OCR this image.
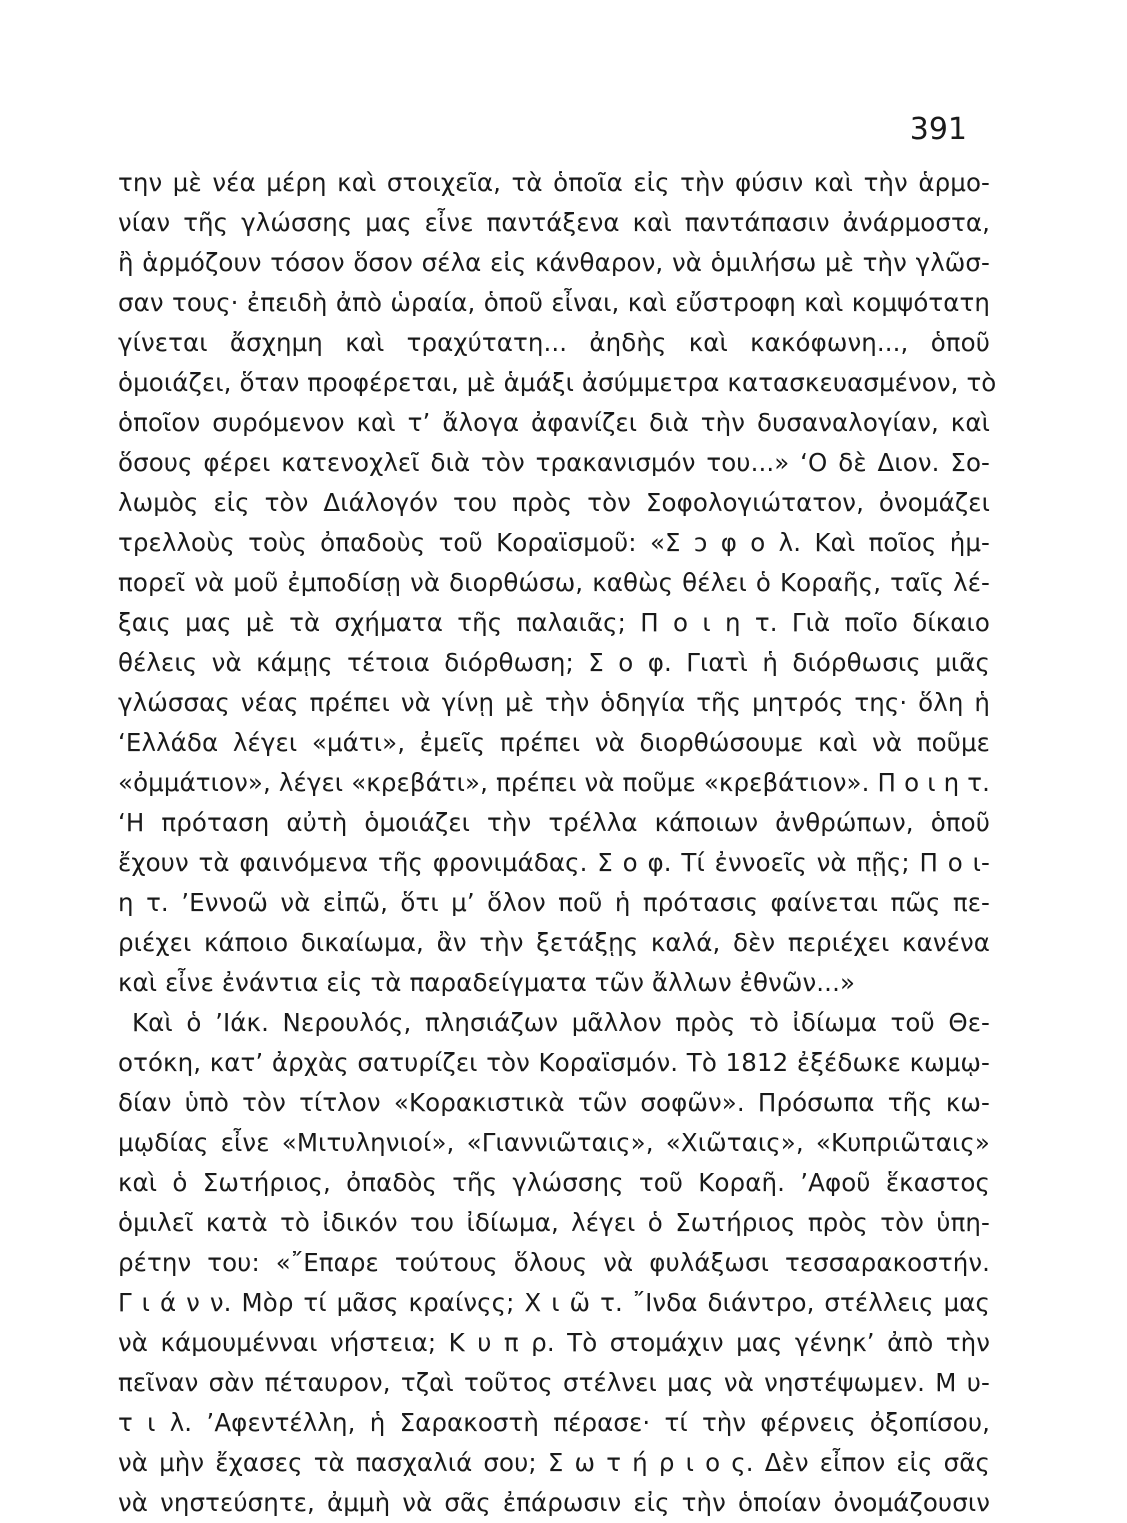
391
την μὲ νέα μέρη καὶ στοιχεῖα, τὰ ὁποῖα εἰς τὴν φύσιν καὶ τὴν ἁρμο-
νίαν τῆς γλώσσης μας εἶνε παντάξενα καὶ παντάπασιν ἀνάρμοστα,
ἢ ἁρμόζουν τόσον ὅσον σέλα εἰς κάνθαρον, νὰ ὁμιλήσω μὲ τὴν γλῶσ-
σαν τους· ἐπειδὴ ἀπὸ ὡραία, ὁποῦ εἶναι, καὶ εὔστροφη καὶ κομψότατη
γίνεται ἄσχημη καὶ τραχύτατη... ἀηδὴς καὶ κακόφωνη..., ὁποῦ
ὁμοιάζει, ὅταν προφέρεται, μὲ ἁμάξι ἀσύμμετρα κατασκευασμένον, τὸ
ὁποῖον συρόμενον καὶ τ’ ἄλογα ἀφανίζει διὰ τὴν δυσαναλογίαν, καὶ
ὅσους φέρει κατενοχλεῖ διὰ τὸν τρακανισμόν του...» ‘Ο δὲ Διον. Σο-
λωμὸς εἰς τὸν Διάλογόν του πρὸς τὸν Σοφολογιώτατον, ὀνομάζει
τρελλοὺς τοὺς ὀπαδοὺς τοῦ Κοραϊσμοῦ: «Σ ͻ φ ο λ. Καὶ ποῖος ἠμ-
πορεῖ νὰ μοῦ ἐμποδίσῃ νὰ διορθώσω, καθὼς θέλει ὁ Κοραῆς, ταῖς λέ-
ξαις μας μὲ τὰ σχήματα τῆς παλαιᾶς; Π ο ι η τ. Γιὰ ποῖο δίκαιο
θέλεις νὰ κάμῃς τέτοια διόρθωση; Σ ο φ. Γιατὶ ἡ διόρθωσις μιᾶς
γλώσσας νέας πρέπει νὰ γίνῃ μὲ τὴν ὁδηγία τῆς μητρός της· ὅλη ἡ
‘Ελλάδα λέγει «μάτι», ἐμεῖς πρέπει νὰ διορθώσουμε καὶ νὰ ποῦμε
«ὀμμάτιον», λέγει «κρεβάτι», πρέπει νὰ ποῦμε «κρεβάτιον». Π ο ι η τ.
‘Η πρόταση αὐτὴ ὁμοιάζει τὴν τρέλλα κάποιων ἀνθρώπων, ὁποῦ
ἔχουν τὰ φαινόμενα τῆς φρονιμάδας. Σ ο φ. Τί ἐννοεῖς νὰ πῇς; Π ο ι-
η τ. ’Εννοῶ νὰ εἰπῶ, ὅτι μ’ ὅλον ποῦ ἡ πρότασις φαίνεται πῶς πε-
ριέχει κάποιο δικαίωμα, ἂν τὴν ξετάξῃς καλά, δὲν περιέχει κανένα
καὶ εἶνε ἐνάντια εἰς τὰ παραδείγματα τῶν ἄλλων ἐθνῶν...»
Καὶ ὁ ’Ιάκ. Νερουλός, πλησιάζων μᾶλλον πρὸς τὸ ἰδίωμα τοῦ Θε-
οτόκη, κατ’ ἀρχὰς σατυρίζει τὸν Κοραϊσμόν. Τὸ 1812 ἐξέδωκε κωμῳ-
δίαν ὑπὸ τὸν τίτλον «Κορακιστικὰ τῶν σοφῶν». Πρόσωπα τῆς κω-
μῳδίας εἶνε «Μιτυληνιοί», «Γιαννιῶταις», «Χιῶταις», «Κυπριῶταις»
καὶ ὁ Σωτήριος, ὀπαδὸς τῆς γλώσσης τοῦ Κοραῆ. ’Αφοῦ ἕκαστος
ὁμιλεῖ κατὰ τὸ ἰδικόν του ἰδίωμα, λέγει ὁ Σωτήριος πρὸς τὸν ὑπη-
ρέτην του: «῎Επαρε τούτους ὅλους νὰ φυλάξωσι τεσσαρακοστήν.
Γ ι ά ν ν. Μὸρ τί μᾶσς κραίνςς; Χ ι ῶ τ. ῎Ινδα διάντρο, στέλλεις μας
νὰ κάμουμένναι νήστεια; Κ υ π ρ. Τὸ στομάχιν μας γένηκ’ ἀπὸ τὴν
πεῖναν σὰν πέταυρον, τζαὶ τοῦτος στέλνει μας νὰ νηστέψωμεν. Μ υ-
τ ι λ. ’Αφεντέλλη, ἡ Σαρακοστὴ πέρασε· τί τὴν φέρνεις ὀξοπίσου,
νὰ μὴν ἔχασες τὰ πασχαλιά σου; Σ ω τ ή ρ ι ο ς. Δὲν εἶπον εἰς σᾶς
νὰ νηστεύσητε, ἀμμὴ νὰ σᾶς ἐπάρωσιν εἰς τὴν ὁποίαν ὀνομάζουσιν
